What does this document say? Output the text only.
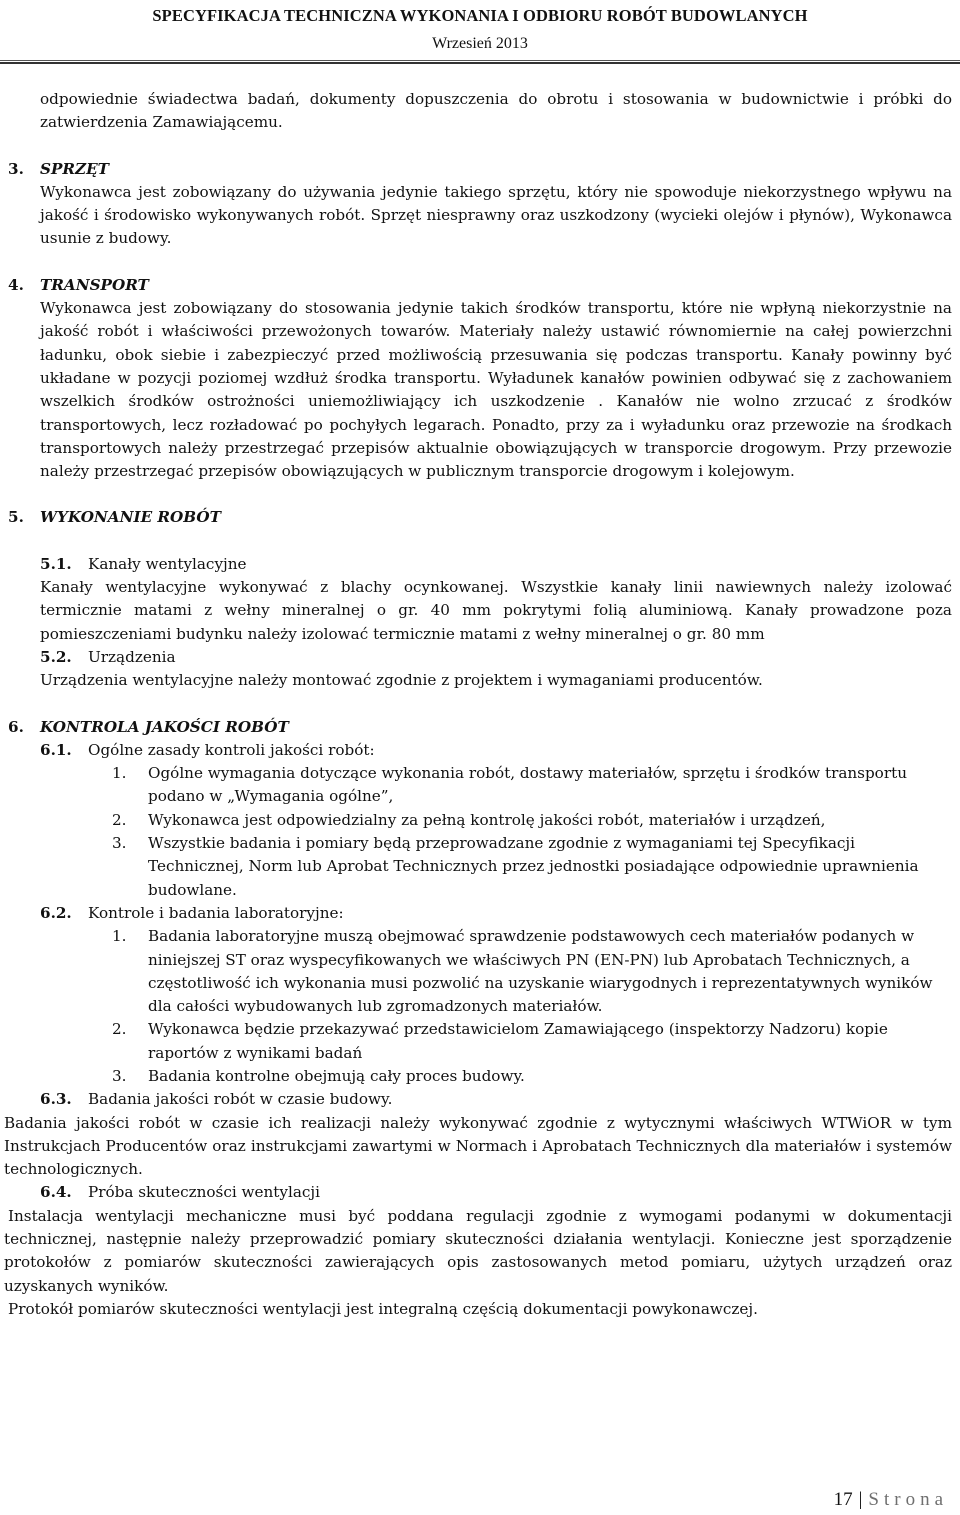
SPECYFIKACJA TECHNICZNA WYKONANIA I ODBIORU ROBÓT BUDOWLANYCH
Wrzesień 2013
odpowiednie świadectwa badań, dokumenty dopuszczenia do obrotu i stosowania w budownictwie i próbki do zatwierdzenia Zamawiającemu.
3. SPRZĘT
Wykonawca jest zobowiązany do używania jedynie takiego sprzętu, który nie spowoduje niekorzystnego wpływu na jakość i środowisko wykonywanych robót. Sprzęt niesprawny oraz uszkodzony (wycieki olejów i płynów), Wykonawca usunie z budowy.
4. TRANSPORT
Wykonawca jest zobowiązany do stosowania jedynie takich środków transportu, które nie wpłyną niekorzystnie na jakość robót i właściwości przewożonych towarów. Materiały należy ustawić równomiernie na całej powierzchni ładunku, obok siebie i zabezpieczyć przed możliwością przesuwania się podczas transportu. Kanały powinny być układane w pozycji poziomej wzdłuż środka transportu. Wyładunek kanałów powinien odbywać się z zachowaniem wszelkich środków ostrożności uniemożliwiający ich uszkodzenie . Kanałów nie wolno zrzucać z środków transportowych, lecz rozładować po pochyłych legarach. Ponadto, przy za i wyładunku oraz przewozie na środkach transportowych należy przestrzegać przepisów aktualnie obowiązujących w transporcie drogowym. Przy przewozie należy przestrzegać przepisów obowiązujących w publicznym transporcie drogowym i kolejowym.
5. WYKONANIE ROBÓT
5.1. Kanały wentylacyjne
Kanały wentylacyjne wykonywać z blachy ocynkowanej. Wszystkie kanały linii nawiewnych należy izolować termicznie matami z wełny mineralnej o gr. 40 mm pokrytymi folią aluminiową. Kanały prowadzone poza pomieszczeniami budynku należy izolować termicznie matami z wełny mineralnej o gr. 80 mm
5.2. Urządzenia
Urządzenia wentylacyjne należy montować zgodnie z projektem i wymaganiami producentów.
6. KONTROLA JAKOŚCI ROBÓT
6.1. Ogólne zasady kontroli jakości robót:
1. Ogólne wymagania dotyczące wykonania robót, dostawy materiałów, sprzętu i środków transportu podano w „Wymagania ogólne”,
2. Wykonawca jest odpowiedzialny za pełną kontrolę jakości robót, materiałów i urządzeń,
3. Wszystkie badania i pomiary będą przeprowadzane zgodnie z wymaganiami tej Specyfikacji Technicznej, Norm lub Aprobat Technicznych przez jednostki posiadające odpowiednie uprawnienia budowlane.
6.2. Kontrole i badania laboratoryjne:
1. Badania laboratoryjne muszą obejmować sprawdzenie podstawowych cech materiałów podanych w niniejszej ST oraz wyspecyfikowanych we właściwych PN (EN-PN) lub Aprobatach Technicznych, a częstotliwość ich wykonania musi pozwolić na uzyskanie wiarygodnych i reprezentatywnych wyników dla całości wybudowanych lub zgromadzonych materiałów.
2. Wykonawca będzie przekazywać przedstawicielom Zamawiającego (inspektorzy Nadzoru) kopie raportów z wynikami badań
3. Badania kontrolne obejmują cały proces budowy.
6.3. Badania jakości robót w czasie budowy.
Badania jakości robót w czasie ich realizacji należy wykonywać zgodnie z wytycznymi właściwych WTWiOR w tym Instrukcjach Producentów oraz instrukcjami zawartymi w Normach i Aprobatach Technicznych dla materiałów i systemów technologicznych.
6.4. Próba skuteczności wentylacji
Instalacja wentylacji mechaniczne musi być poddana regulacji zgodnie z wymogami podanymi w dokumentacji technicznej, następnie należy przeprowadzić pomiary skuteczności działania wentylacji. Konieczne jest sporządzenie protokołów z pomiarów skuteczności zawierających opis zastosowanych metod pomiaru, użytych urządzeń oraz uzyskanych wyników.
Protokół pomiarów skuteczności wentylacji jest integralną częścią dokumentacji powykonawczej.
17 | Strona
